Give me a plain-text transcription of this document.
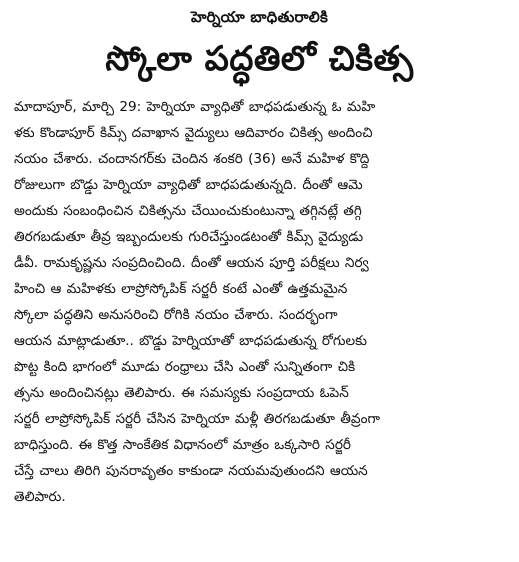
హెర్నియా బాధితురాలికి
స్కోలా పద్ధతిలో చికిత్స
మాదాపూర్‌, మార్చి 29: హెర్నియా వ్యాధితో బాధపడుతున్న ఓ మహి
ళకు కొండాపూర్‌ కిమ్స్‌ దవాఖాన వైద్యులు ఆదివారం చికిత్స అందించి
నయం చేశారు. చందానగర్‌కు చెందిన శంకరి (36) అనే మహిళ కొద్ది
రోజులుగా బొడ్డు హెర్నియా వ్యాధితో బాధపడుతున్నది. దీంతో ఆమె
అందుకు సంబంధించిన చికిత్సను చేయించుకుంటున్నా తగ్గినట్లే తగ్గి
తిరగబడుతూ తీవ్ర ఇబ్బందులకు గురిచేస్తుండటంతో కిమ్స్‌ వైద్యుడు
డీవీ. రామకృష్ణను సంప్రదించింది. దీంతో ఆయన పూర్తి పరీక్షలు నిర్వ
హించి ఆ మహిళకు లాప్రోస్కోపిక్‌ సర్జరీ కంటే ఎంతో ఉత్తమమైన
స్కోలా పద్ధతిని అనుసరించి రోగికి నయం చేశారు. సందర్భంగా
ఆయన మాట్లాడుతూ.. బొడ్డు హెర్నియాతో బాధపడుతున్న రోగులకు
పొట్ట కింది భాగంలో మూడు రంధ్రాలు చేసి ఎంతో సున్నితంగా చికి
త్సను అందించినట్లు తెలిపారు. ఈ సమస్యకు సంప్రదాయ ఓపెన్‌
సర్జరీ లాప్రోస్కోపిక్‌ సర్జరీ చేసిన హెర్నియా మళ్లీ తిరగబడుతూ తీవ్రంగా
బాధిస్తుంది. ఈ కొత్త సాంకేతిక విధానంలో మాత్రం ఒక్కసారి సర్జరీ
చేస్తే చాలు తిరిగి పునరావృతం కాకుండా నయమవుతుందని ఆయన
తెలిపారు.
